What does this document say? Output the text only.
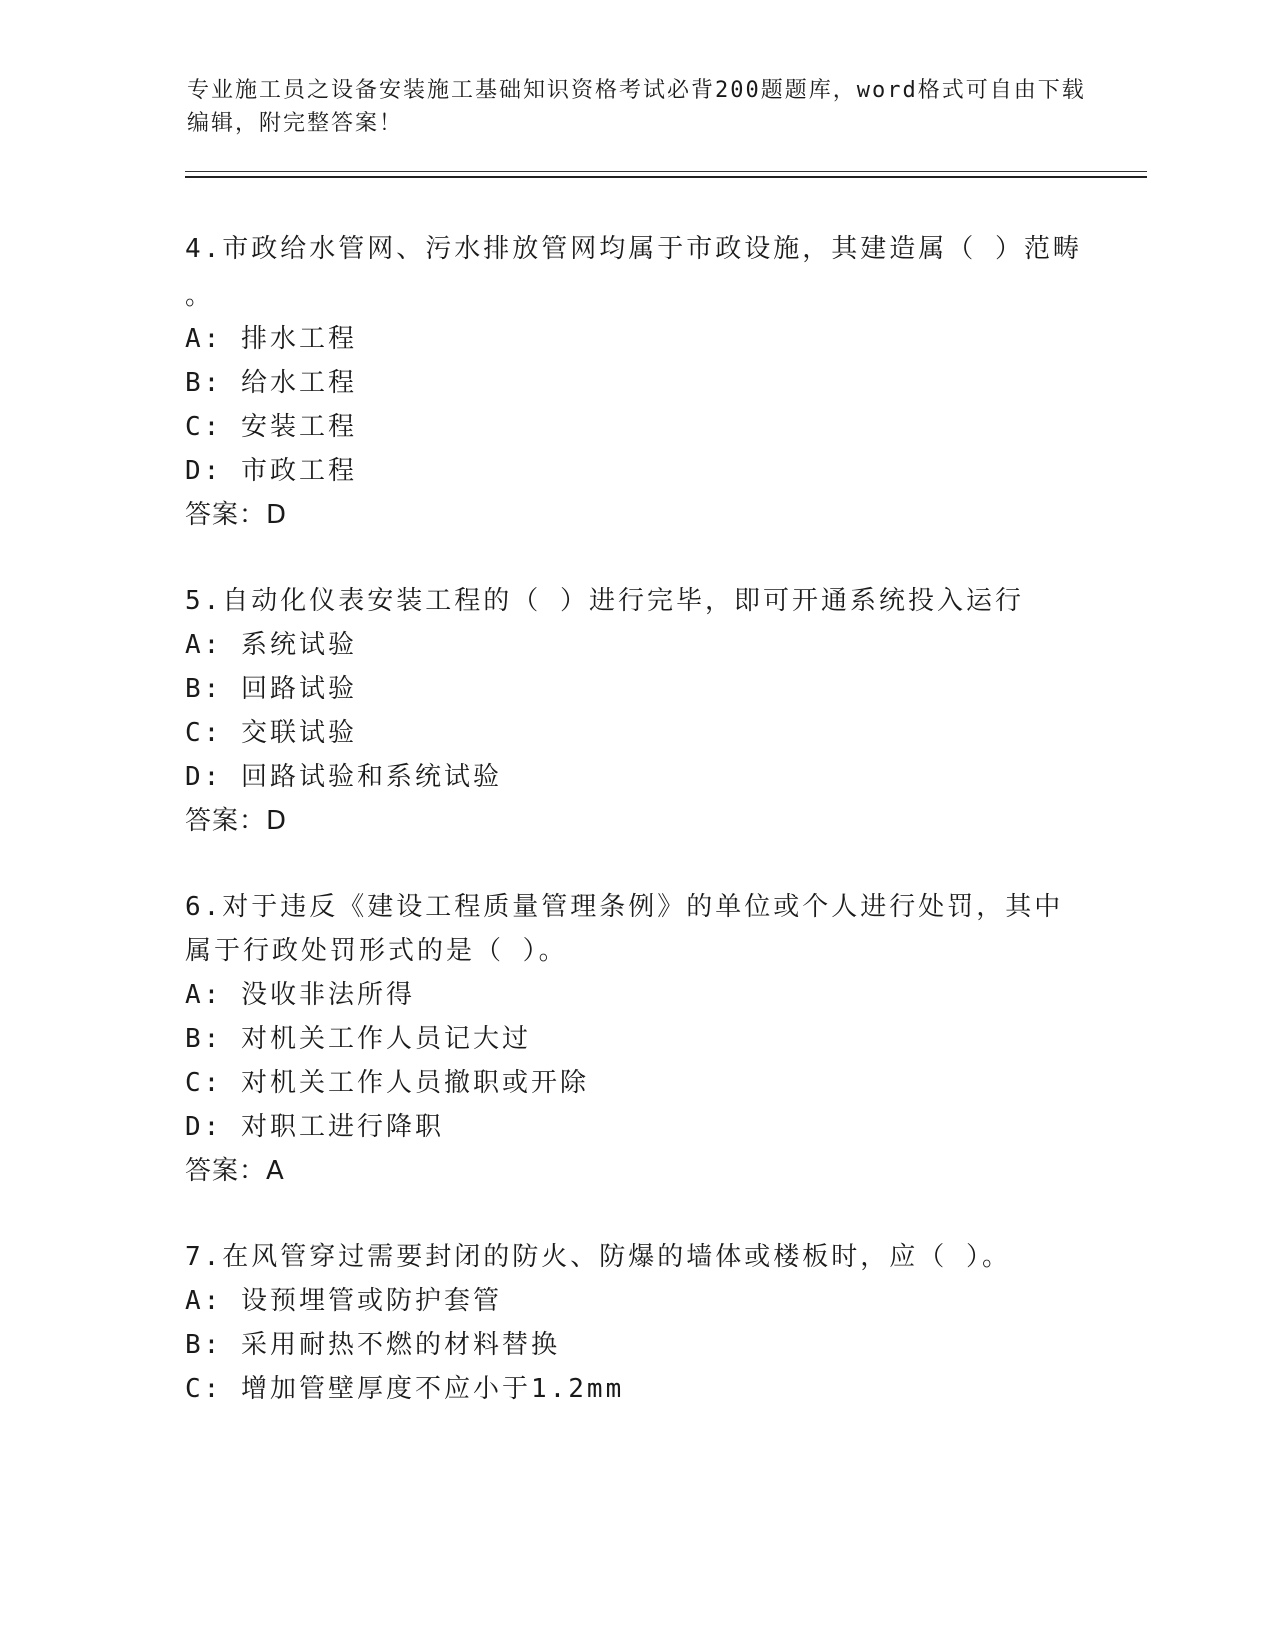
专业施工员之设备安装施工基础知识资格考试必背200题题库，word格式可自由下载编辑，附完整答案！
4.市政给水管网、污水排放管网均属于市政设施，其建造属（ ）范畴
。
A: 排水工程
B: 给水工程
C: 安装工程
D: 市政工程
答案：D
5.自动化仪表安装工程的（ ）进行完毕，即可开通系统投入运行
A: 系统试验
B: 回路试验
C: 交联试验
D: 回路试验和系统试验
答案：D
6.对于违反《建设工程质量管理条例》的单位或个人进行处罚，其中
属于行政处罚形式的是（ ）。
A: 没收非法所得
B: 对机关工作人员记大过
C: 对机关工作人员撤职或开除
D: 对职工进行降职
答案：A
7.在风管穿过需要封闭的防火、防爆的墙体或楼板时，应（ ）。
A: 设预埋管或防护套管
B: 采用耐热不燃的材料替换
C: 增加管壁厚度不应小于1.2mm
